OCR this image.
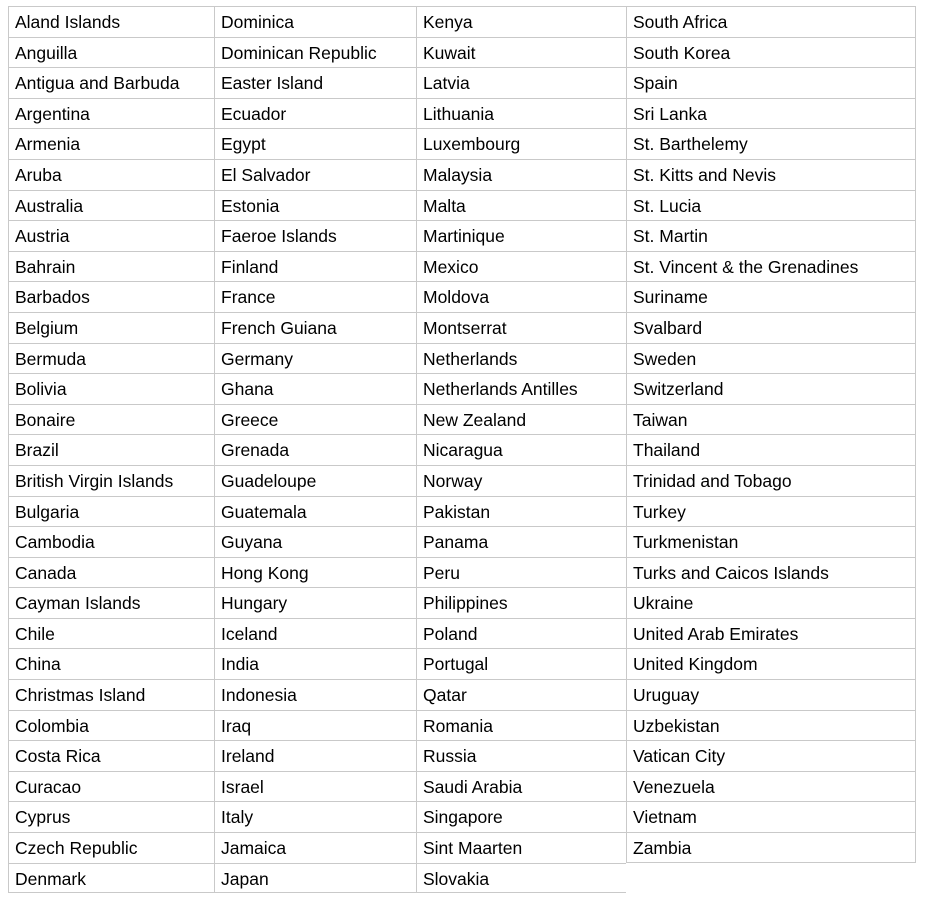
Aland Islands
Anguilla
Antigua and Barbuda
Argentina
Armenia
Aruba
Australia
Austria
Bahrain
Barbados
Belgium
Bermuda
Bolivia
Bonaire
Brazil
British Virgin Islands
Bulgaria
Cambodia
Canada
Cayman Islands
Chile
China
Christmas Island
Colombia
Costa Rica
Curacao
Cyprus
Czech Republic
Denmark
Dominica
Dominican Republic
Easter Island
Ecuador
Egypt
El Salvador
Estonia
Faeroe Islands
Finland
France
French Guiana
Germany
Ghana
Greece
Grenada
Guadeloupe
Guatemala
Guyana
Hong Kong
Hungary
Iceland
India
Indonesia
Iraq
Ireland
Israel
Italy
Jamaica
Japan
Kenya
Kuwait
Latvia
Lithuania
Luxembourg
Malaysia
Malta
Martinique
Mexico
Moldova
Montserrat
Netherlands
Netherlands Antilles
New Zealand
Nicaragua
Norway
Pakistan
Panama
Peru
Philippines
Poland
Portugal
Qatar
Romania
Russia
Saudi Arabia
Singapore
Sint Maarten
Slovakia
South Africa
South Korea
Spain
Sri Lanka
St. Barthelemy
St. Kitts and Nevis
St. Lucia
St. Martin
St. Vincent & the Grenadines
Suriname
Svalbard
Sweden
Switzerland
Taiwan
Thailand
Trinidad and Tobago
Turkey
Turkmenistan
Turks and Caicos Islands
Ukraine
United Arab Emirates
United Kingdom
Uruguay
Uzbekistan
Vatican City
Venezuela
Vietnam
Zambia
